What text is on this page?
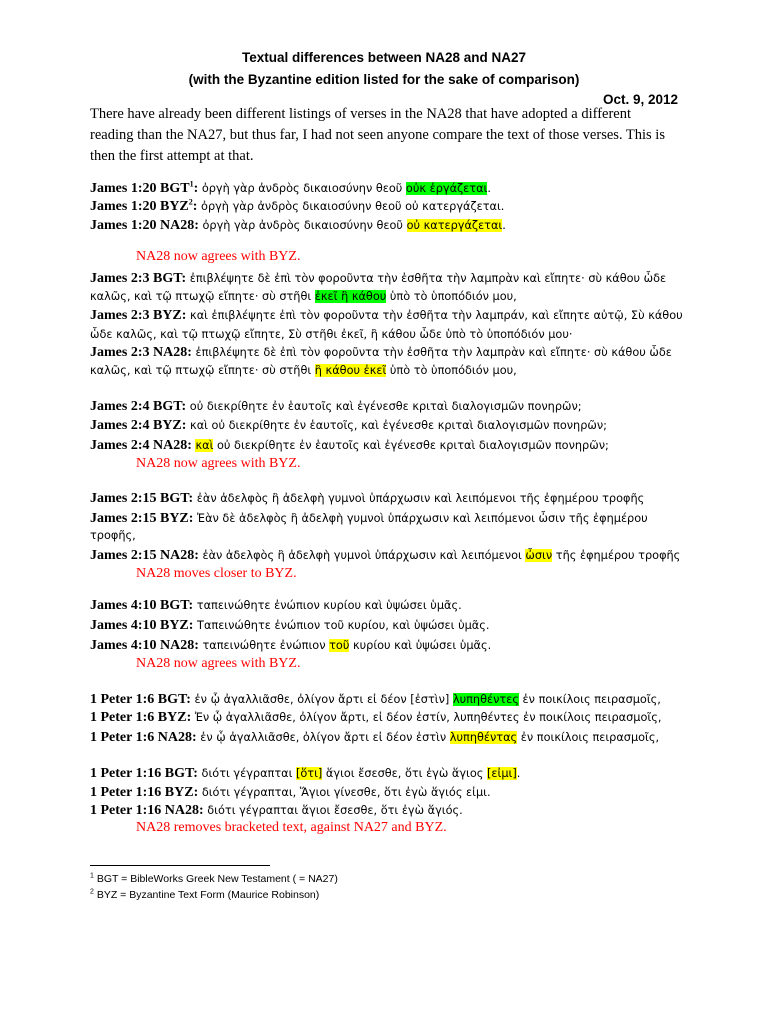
Textual differences between NA28 and NA27
(with the Byzantine edition listed for the sake of comparison)
Oct. 9, 2012
There have already been different listings of verses in the NA28 that have adopted a different reading than the NA27, but thus far, I had not seen anyone compare the text of those verses. This is then the first attempt at that.
James 1:20 BGT$^1$: ὀργὴ γὰρ ἀνδρὸς δικαιοσύνην θεοῦ οὐκ ἐργάζεται.
James 1:20 BYZ$^2$: ὀργὴ γὰρ ἀνδρὸς δικαιοσύνην θεοῦ οὐ κατεργάζεται.
James 1:20 NA28: ὀργὴ γὰρ ἀνδρὸς δικαιοσύνην θεοῦ οὐ κατεργάζεται.
NA28 now agrees with BYZ.
James 2:3 BGT: ἐπιβλέψητε δὲ ἐπὶ τὸν φοροῦντα τὴν ἐσθῆτα τὴν λαμπρὰν καὶ εἴπητε· σὺ κάθου ὧδε
καλῶς, καὶ τῷ πτωχῷ εἴπητε· σὺ στῆθι ἐκεῖ ἢ κάθου ὑπὸ τὸ ὑποπόδιόν μου,
James 2:3 BYZ: καὶ ἐπιβλέψητε ἐπὶ τὸν φοροῦντα τὴν ἐσθῆτα τὴν λαμπράν, καὶ εἴπητε αὐτῷ, Σὺ κάθου
ὧδε καλῶς, καὶ τῷ πτωχῷ εἴπητε, Σὺ στῆθι ἐκεῖ, ἢ κάθου ὧδε ὑπὸ τὸ ὑποπόδιόν μου·
James 2:3 NA28: ἐπιβλέψητε δὲ ἐπὶ τὸν φοροῦντα τὴν ἐσθῆτα τὴν λαμπρὰν καὶ εἴπητε· σὺ κάθου ὧδε
καλῶς, καὶ τῷ πτωχῷ εἴπητε· σὺ στῆθι ἢ κάθου ἐκεῖ ὑπὸ τὸ ὑποπόδιόν μου,
James 2:4 BGT: οὐ διεκρίθητε ἐν ἑαυτοῖς καὶ ἐγένεσθε κριταὶ διαλογισμῶν πονηρῶν;
James 2:4 BYZ: καὶ οὐ διεκρίθητε ἐν ἑαυτοῖς, καὶ ἐγένεσθε κριταὶ διαλογισμῶν πονηρῶν;
James 2:4 NA28: καὶ οὐ διεκρίθητε ἐν ἑαυτοῖς καὶ ἐγένεσθε κριταὶ διαλογισμῶν πονηρῶν;
NA28 now agrees with BYZ.
James 2:15 BGT: ἐὰν ἀδελφὸς ἢ ἀδελφὴ γυμνοὶ ὑπάρχωσιν καὶ λειπόμενοι τῆς ἐφημέρου τροφῆς
James 2:15 BYZ: Ἐὰν δὲ ἀδελφὸς ἢ ἀδελφὴ γυμνοὶ ὑπάρχωσιν καὶ λειπόμενοι ὦσιν τῆς ἐφημέρου
τροφῆς,
James 2:15 NA28: ἐὰν ἀδελφὸς ἢ ἀδελφὴ γυμνοὶ ὑπάρχωσιν καὶ λειπόμενοι ὦσιν τῆς ἐφημέρου τροφῆς
NA28 moves closer to BYZ.
James 4:10 BGT: ταπεινώθητε ἐνώπιον κυρίου καὶ ὑψώσει ὑμᾶς.
James 4:10 BYZ: Ταπεινώθητε ἐνώπιον τοῦ κυρίου, καὶ ὑψώσει ὑμᾶς.
James 4:10 NA28: ταπεινώθητε ἐνώπιον τοῦ κυρίου καὶ ὑψώσει ὑμᾶς.
NA28 now agrees with BYZ.
1 Peter 1:6 BGT: ἐν ᾧ ἀγαλλιᾶσθε, ὀλίγον ἄρτι εἰ δέον [ἐστὶν] λυπηθέντες ἐν ποικίλοις πειρασμοῖς,
1 Peter 1:6 BYZ: Ἐν ᾧ ἀγαλλιᾶσθε, ὀλίγον ἄρτι, εἰ δέον ἐστίν, λυπηθέντες ἐν ποικίλοις πειρασμοῖς,
1 Peter 1:6 NA28: ἐν ᾧ ἀγαλλιᾶσθε, ὀλίγον ἄρτι εἰ δέον ἐστὶν λυπηθέντας ἐν ποικίλοις πειρασμοῖς,
1 Peter 1:16 BGT: διότι γέγραπται [ὅτι] ἅγιοι ἔσεσθε, ὅτι ἐγὼ ἅγιος [εἰμι].
1 Peter 1:16 BYZ: διότι γέγραπται, Ἅγιοι γίνεσθε, ὅτι ἐγὼ ἅγιός εἰμι.
1 Peter 1:16 NA28: διότι γέγραπται ἅγιοι ἔσεσθε, ὅτι ἐγὼ ἅγιός.
NA28 removes bracketed text, against NA27 and BYZ.
$^1$ BGT = BibleWorks Greek New Testament ( = NA27)
$^2$ BYZ = Byzantine Text Form (Maurice Robinson)
